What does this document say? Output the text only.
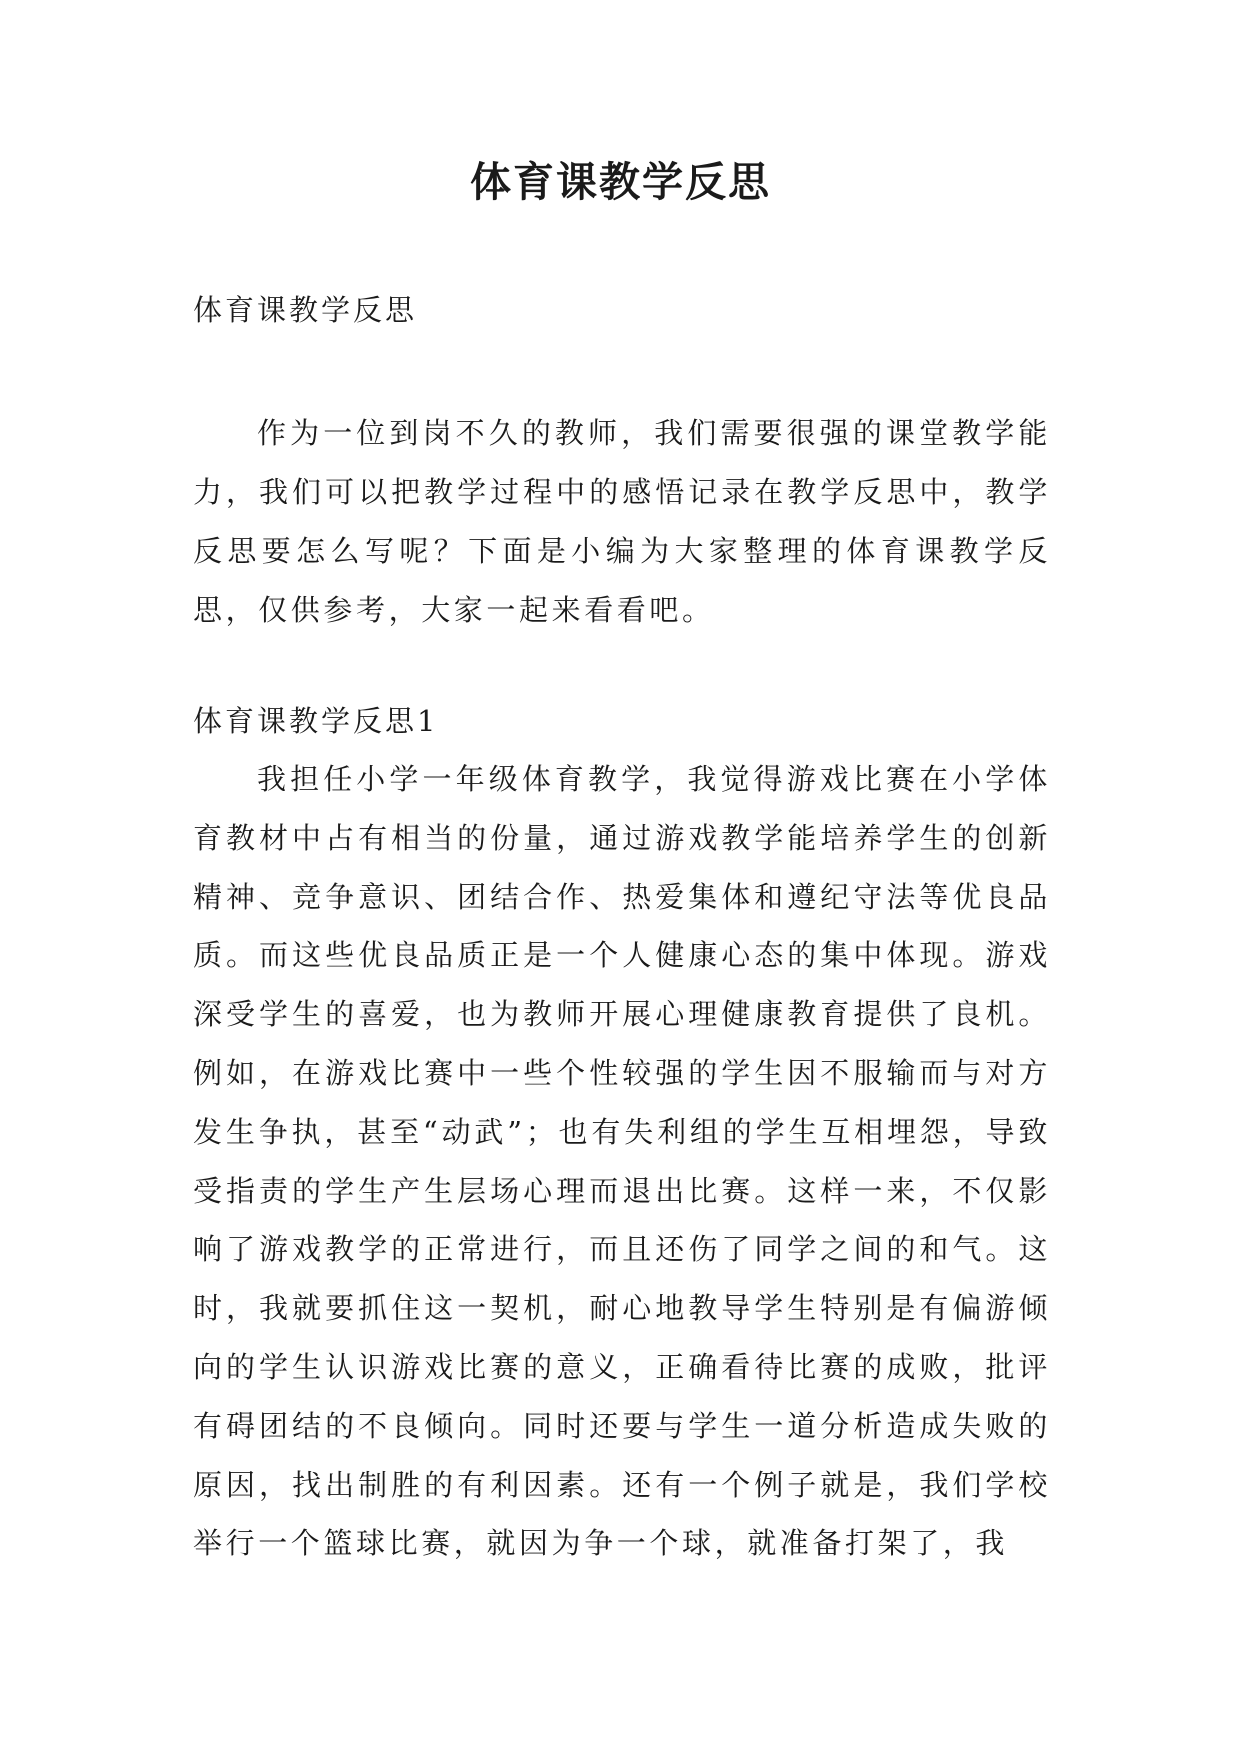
体育课教学反思

体育课教学反思

作为一位到岗不久的教师，我们需要很强的课堂教学能力，我们可以把教学过程中的感悟记录在教学反思中，教学反思要怎么写呢？下面是小编为大家整理的体育课教学反思，仅供参考，大家一起来看看吧。

体育课教学反思1

我担任小学一年级体育教学，我觉得游戏比赛在小学体育教材中占有相当的份量，通过游戏教学能培养学生的创新精神、竞争意识、团结合作、热爱集体和遵纪守法等优良品质。而这些优良品质正是一个人健康心态的集中体现。游戏深受学生的喜爱，也为教师开展心理健康教育提供了良机。例如，在游戏比赛中一些个性较强的学生因不服输而与对方发生争执，甚至“动武”；也有失利组的学生互相埋怨，导致受指责的学生产生层场心理而退出比赛。这样一来，不仅影响了游戏教学的正常进行，而且还伤了同学之间的和气。这时，我就要抓住这一契机，耐心地教导学生特别是有偏游倾向的学生认识游戏比赛的意义，正确看待比赛的成败，批评有碍团结的不良倾向。同时还要与学生一道分析造成失败的原因，找出制胜的有利因素。还有一个例子就是，我们学校举行一个篮球比赛，就因为争一个球，就准备打架了，我
